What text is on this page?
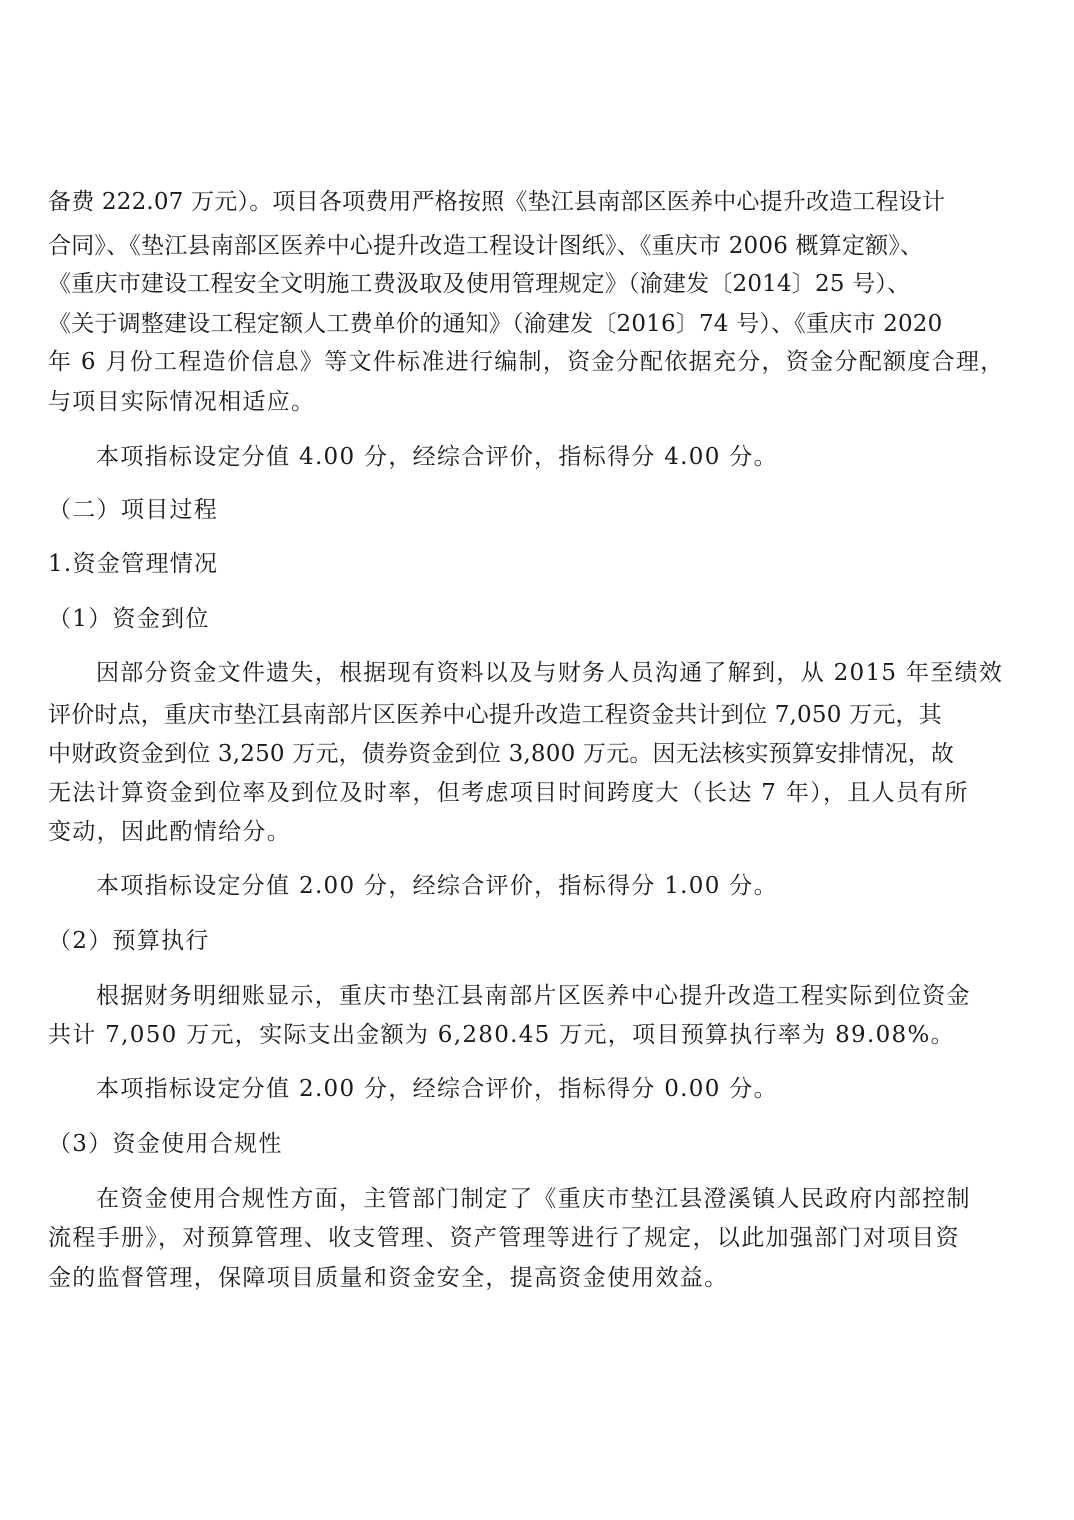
备费 222.07 万元）。项目各项费用严格按照《垫江县南部区医养中心提升改造工程设计
合同》、《垫江县南部区医养中心提升改造工程设计图纸》、《重庆市 2006 概算定额》、
《重庆市建设工程安全文明施工费汲取及使用管理规定》（渝建发〔2014〕25 号）、
《关于调整建设工程定额人工费单价的通知》（渝建发〔2016〕74 号）、《重庆市 2020
年 6 月份工程造价信息》等文件标准进行编制，资金分配依据充分，资金分配额度合理，
与项目实际情况相适应。
本项指标设定分值 4.00 分，经综合评价，指标得分 4.00 分。
（二）项目过程
1.资金管理情况
（1）资金到位
因部分资金文件遗失，根据现有资料以及与财务人员沟通了解到，从 2015 年至绩效
评价时点，重庆市垫江县南部片区医养中心提升改造工程资金共计到位 7,050 万元，其
中财政资金到位 3,250 万元，债券资金到位 3,800 万元。因无法核实预算安排情况，故
无法计算资金到位率及到位及时率，但考虑项目时间跨度大（长达 7 年），且人员有所
变动，因此酌情给分。
本项指标设定分值 2.00 分，经综合评价，指标得分 1.00 分。
（2）预算执行
根据财务明细账显示，重庆市垫江县南部片区医养中心提升改造工程实际到位资金
共计 7,050 万元，实际支出金额为 6,280.45 万元，项目预算执行率为 89.08%。
本项指标设定分值 2.00 分，经综合评价，指标得分 0.00 分。
（3）资金使用合规性
在资金使用合规性方面，主管部门制定了《重庆市垫江县澄溪镇人民政府内部控制
流程手册》，对预算管理、收支管理、资产管理等进行了规定，以此加强部门对项目资
金的监督管理，保障项目质量和资金安全，提高资金使用效益。
